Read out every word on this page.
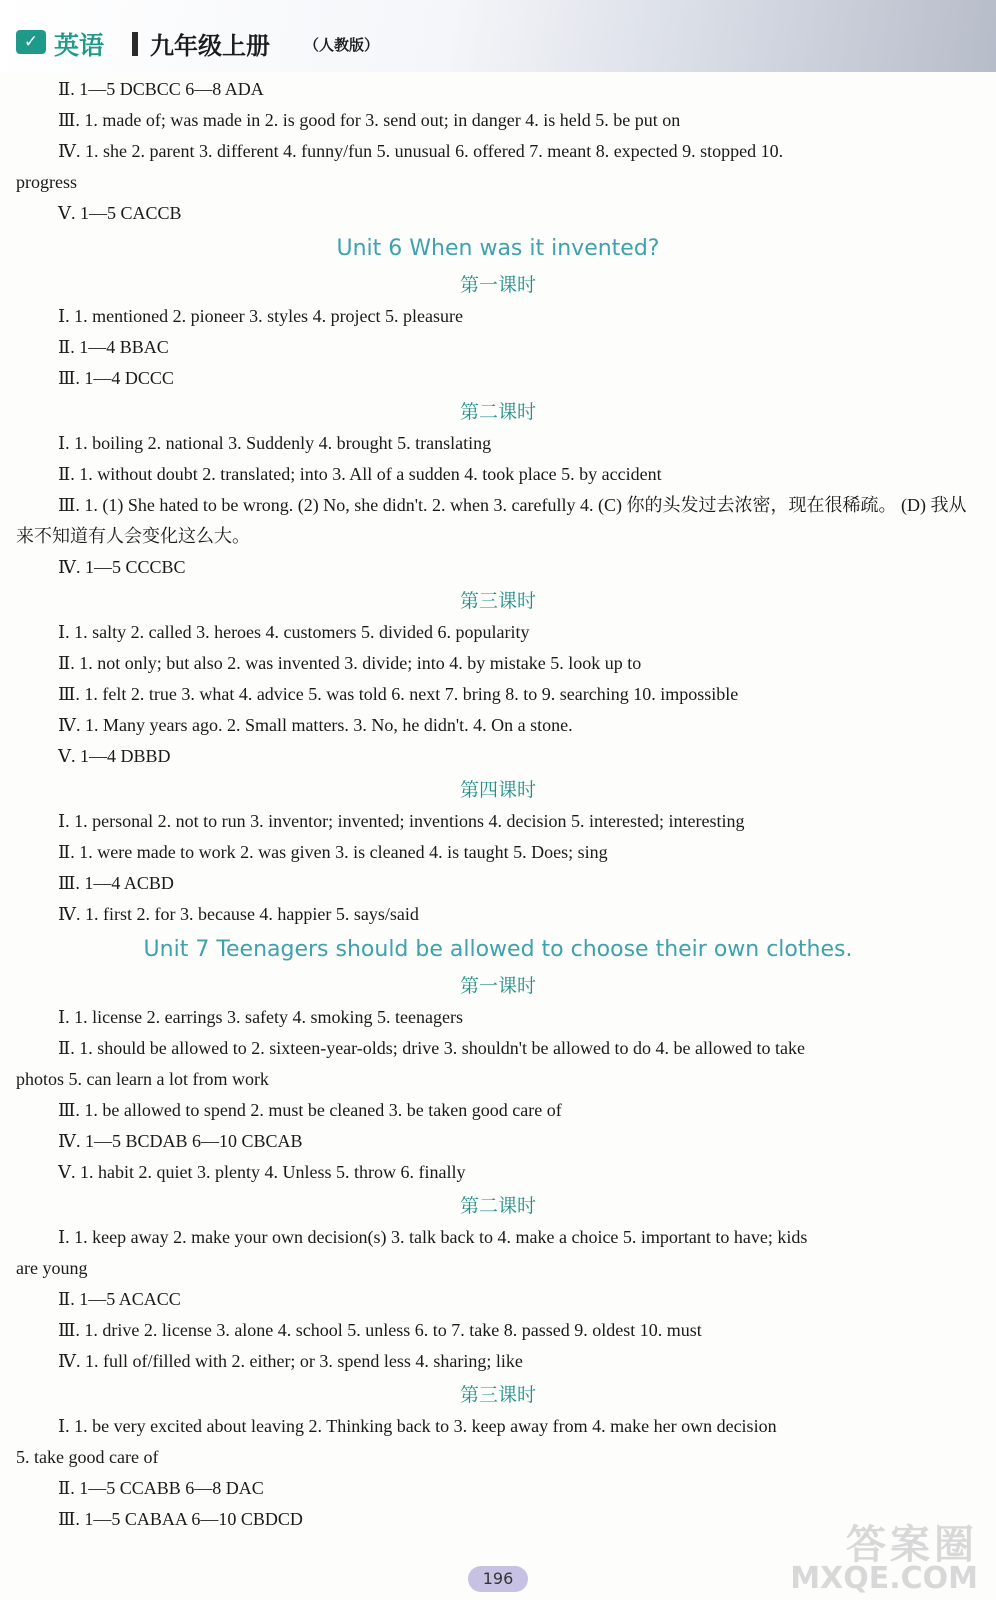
✓ 英语 九年级上册 （人教版）
Ⅱ. 1—5 DCBCC 6—8 ADA
Ⅲ. 1. made of; was made in 2. is good for 3. send out; in danger 4. is held 5. be put on
Ⅳ. 1. she 2. parent 3. different 4. funny/fun 5. unusual 6. offered 7. meant 8. expected 9. stopped 10.
progress
Ⅴ. 1—5 CACCB
Unit 6 When was it invented?
第一课时
Ⅰ. 1. mentioned 2. pioneer 3. styles 4. project 5. pleasure
Ⅱ. 1—4 BBAC
Ⅲ. 1—4 DCCC
第二课时
Ⅰ. 1. boiling 2. national 3. Suddenly 4. brought 5. translating
Ⅱ. 1. without doubt 2. translated; into 3. All of a sudden 4. took place 5. by accident
Ⅲ. 1. (1) She hated to be wrong. (2) No, she didn't. 2. when 3. carefully 4. (C) 你的头发过去浓密，现在很稀疏。 (D) 我从来不知道有人会变化这么大。
Ⅳ. 1—5 CCCBC
第三课时
Ⅰ. 1. salty 2. called 3. heroes 4. customers 5. divided 6. popularity
Ⅱ. 1. not only; but also 2. was invented 3. divide; into 4. by mistake 5. look up to
Ⅲ. 1. felt 2. true 3. what 4. advice 5. was told 6. next 7. bring 8. to 9. searching 10. impossible
Ⅳ. 1. Many years ago. 2. Small matters. 3. No, he didn't. 4. On a stone.
Ⅴ. 1—4 DBBD
第四课时
Ⅰ. 1. personal 2. not to run 3. inventor; invented; inventions 4. decision 5. interested; interesting
Ⅱ. 1. were made to work 2. was given 3. is cleaned 4. is taught 5. Does; sing
Ⅲ. 1—4 ACBD
Ⅳ. 1. first 2. for 3. because 4. happier 5. says/said
Unit 7 Teenagers should be allowed to choose their own clothes.
第一课时
Ⅰ. 1. license 2. earrings 3. safety 4. smoking 5. teenagers
Ⅱ. 1. should be allowed to 2. sixteen-year-olds; drive 3. shouldn't be allowed to do 4. be allowed to take
photos 5. can learn a lot from work
Ⅲ. 1. be allowed to spend 2. must be cleaned 3. be taken good care of
Ⅳ. 1—5 BCDAB 6—10 CBCAB
Ⅴ. 1. habit 2. quiet 3. plenty 4. Unless 5. throw 6. finally
第二课时
Ⅰ. 1. keep away 2. make your own decision(s) 3. talk back to 4. make a choice 5. important to have; kids
are young
Ⅱ. 1—5 ACACC
Ⅲ. 1. drive 2. license 3. alone 4. school 5. unless 6. to 7. take 8. passed 9. oldest 10. must
Ⅳ. 1. full of/filled with 2. either; or 3. spend less 4. sharing; like
第三课时
Ⅰ. 1. be very excited about leaving 2. Thinking back to 3. keep away from 4. make her own decision
5. take good care of
Ⅱ. 1—5 CCABB 6—8 DAC
Ⅲ. 1—5 CABAA 6—10 CBDCD
196
答案圈
MXQE.COM
